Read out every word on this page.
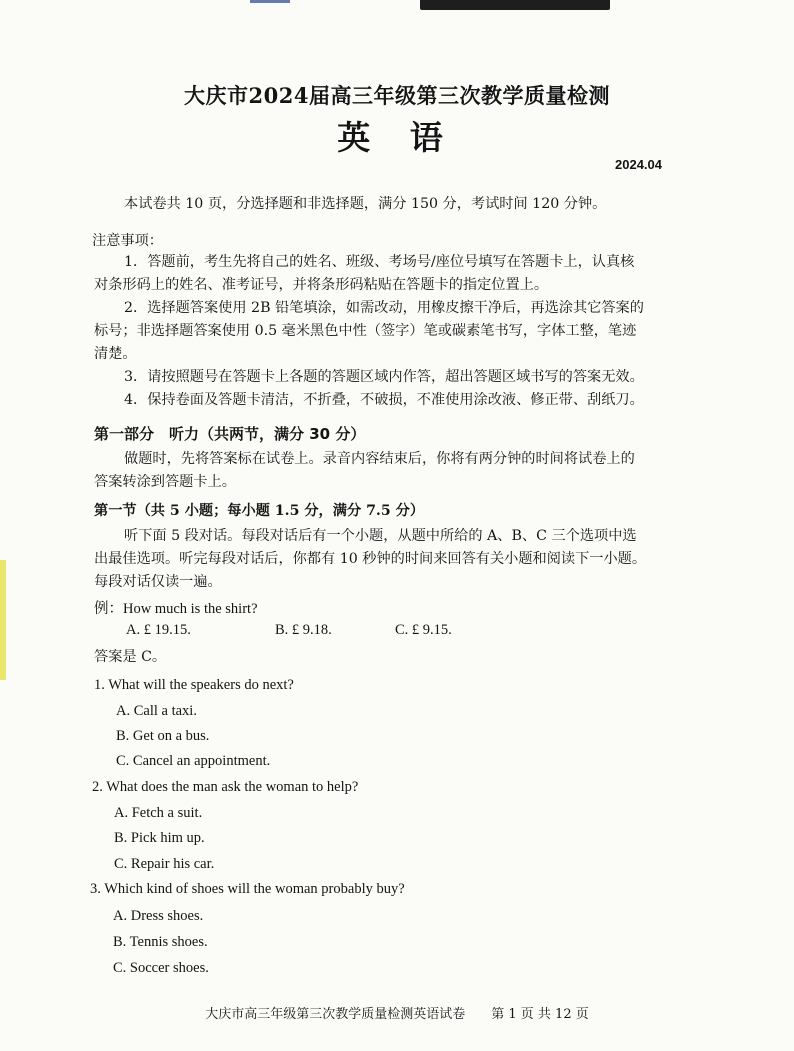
大庆市2024届高三年级第三次教学质量检测
英 语
2024.04
本试卷共 10 页，分选择题和非选择题，满分 150 分，考试时间 120 分钟。
注意事项：
1．答题前，考生先将自己的姓名、班级、考场号/座位号填写在答题卡上，认真核
对条形码上的姓名、准考证号，并将条形码粘贴在答题卡的指定位置上。
2．选择题答案使用 2B 铅笔填涂，如需改动，用橡皮擦干净后，再选涂其它答案的
标号；非选择题答案使用 0.5 毫米黑色中性（签字）笔或碳素笔书写，字体工整，笔迹
清楚。
3．请按照题号在答题卡上各题的答题区域内作答，超出答题区域书写的答案无效。
4．保持卷面及答题卡清洁，不折叠，不破损，不准使用涂改液、修正带、刮纸刀。
第一部分　听力（共两节，满分 30 分）
做题时，先将答案标在试卷上。录音内容结束后，你将有两分钟的时间将试卷上的
答案转涂到答题卡上。
第一节（共 5 小题；每小题 1.5 分，满分 7.5 分）
听下面 5 段对话。每段对话后有一个小题，从题中所给的 A、B、C 三个选项中选
出最佳选项。听完每段对话后，你都有 10 秒钟的时间来回答有关小题和阅读下一小题。
每段对话仅读一遍。
例：How much is the shirt?
A. £ 19.15.	B. £ 9.18.	C. £ 9.15.
答案是 C。
1. What will the speakers do next?
A. Call a taxi.
B. Get on a bus.
C. Cancel an appointment.
2. What does the man ask the woman to help?
A. Fetch a suit.
B. Pick him up.
C. Repair his car.
3. Which kind of shoes will the woman probably buy?
A. Dress shoes.
B. Tennis shoes.
C. Soccer shoes.
大庆市高三年级第三次教学质量检测英语试卷　　第 1 页 共 12 页
